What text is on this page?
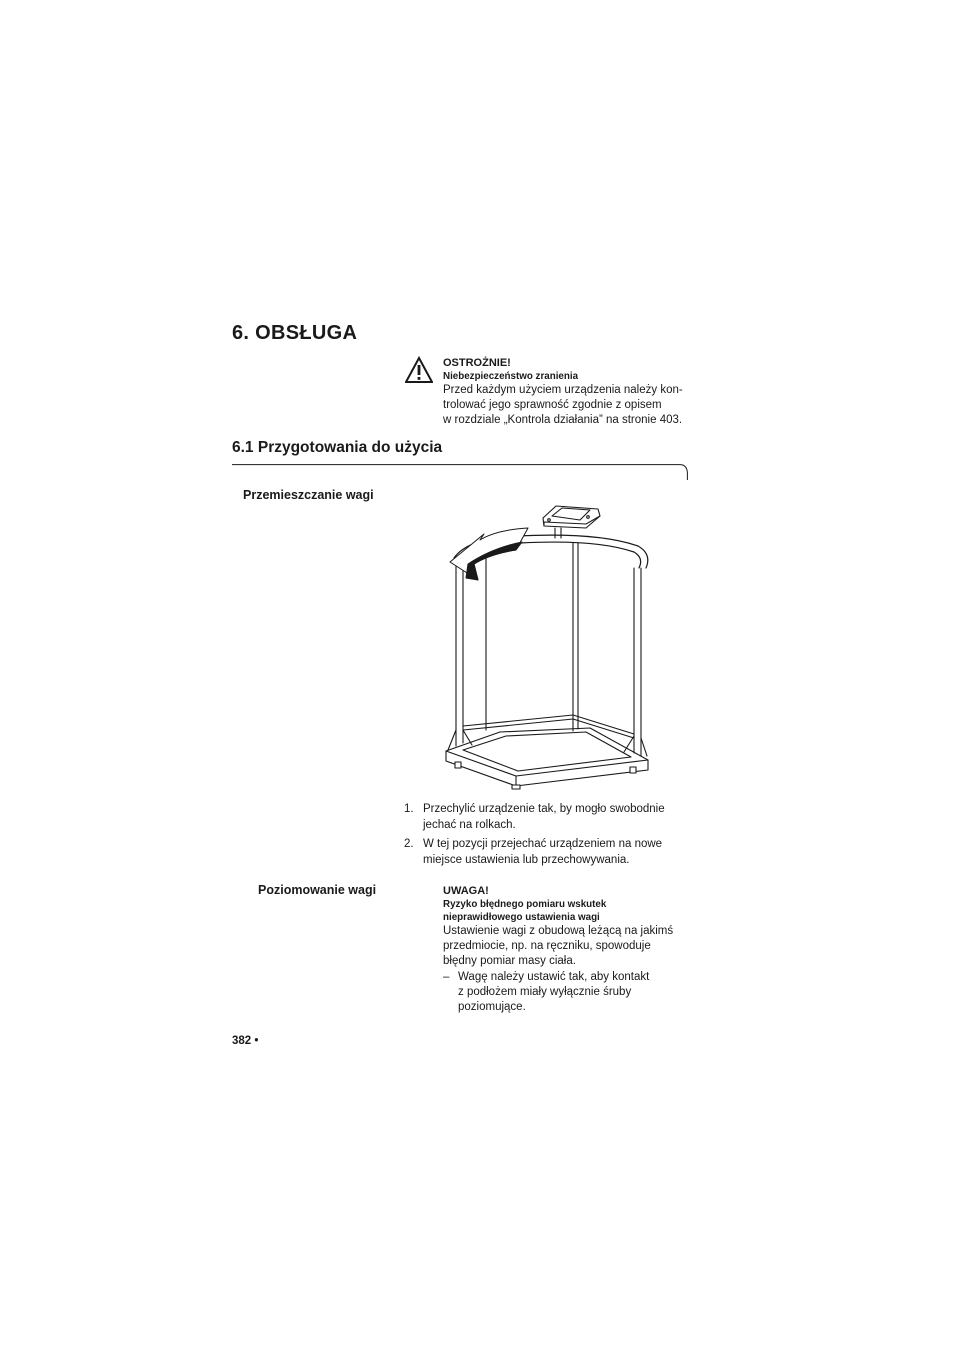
6. OBSŁUGA
OSTROŻNIE!
Niebezpieczeństwo zranienia
Przed każdym użyciem urządzenia należy kon-
trolować jego sprawność zgodnie z opisem
w rozdziale „Kontrola działania” na stronie 403.
6.1 Przygotowania do użycia
Przemieszczanie wagi
1. Przechylić urządzenie tak, by mogło swobodnie
jechać na rolkach.
2. W tej pozycji przejechać urządzeniem na nowe
miejsce ustawienia lub przechowywania.
Poziomowanie wagi	UWAGA!
Ryzyko błędnego pomiaru wskutek
nieprawidłowego ustawienia wagi
Ustawienie wagi z obudową leżącą na jakimś
przedmiocie, np. na ręczniku, spowoduje
błędny pomiar masy ciała.
– Wagę należy ustawić tak, aby kontakt
z podłożem miały wyłącznie śruby
poziomujące.
382 •
